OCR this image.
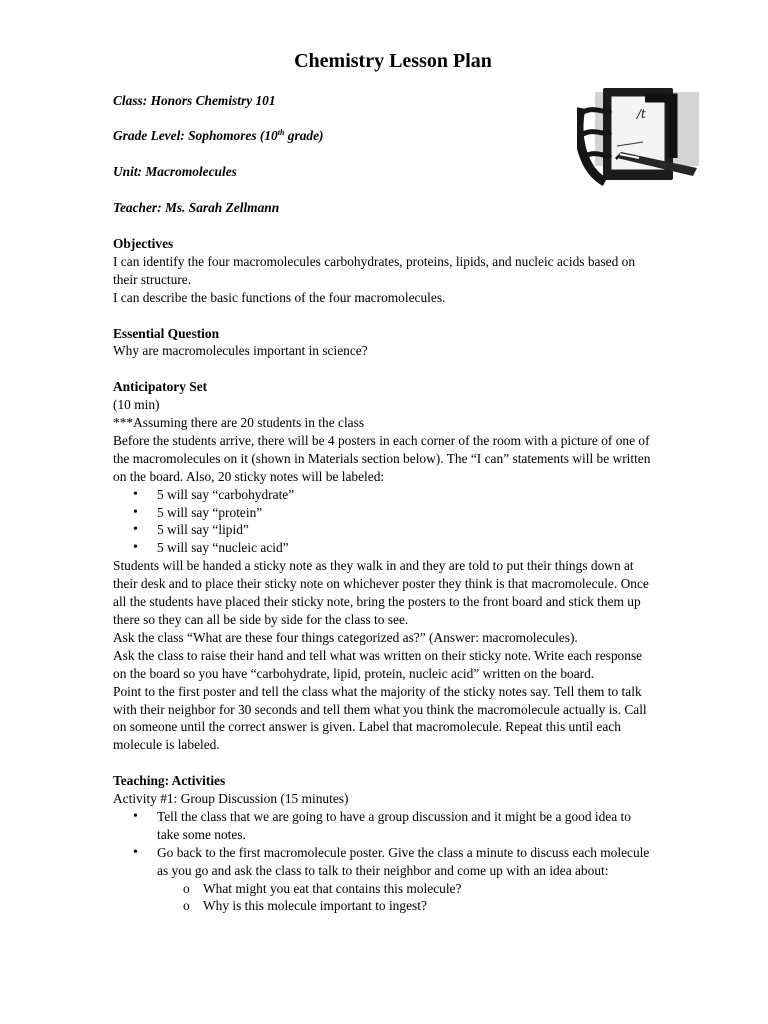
Chemistry Lesson Plan

Class: Honors Chemistry 101

Grade Level: Sophomores (10th grade)

Unit: Macromolecules

Teacher: Ms. Sarah Zellmann

/t
Objectives

I can identify the four macromolecules carbohydrates, proteins, lipids, and nucleic acids based on their structure.

I can describe the basic functions of the four macromolecules.

Essential Question

Why are macromolecules important in science?

Anticipatory Set

(10 min)

***Assuming there are 20 students in the class

Before the students arrive, there will be 4 posters in each corner of the room with a picture of one of the macromolecules on it (shown in Materials section below). The “I can” statements will be written on the board. Also, 20 sticky notes will be labeled:

• 5 will say “carbohydrate”
• 5 will say “protein”
• 5 will say “lipid”
• 5 will say “nucleic acid”

Students will be handed a sticky note as they walk in and they are told to put their things down at their desk and to place their sticky note on whichever poster they think is that macromolecule. Once all the students have placed their sticky note, bring the posters to the front board and stick them up there so they can all be side by side for the class to see.

Ask the class “What are these four things categorized as?” (Answer: macromolecules).

Ask the class to raise their hand and tell what was written on their sticky note. Write each response on the board so you have “carbohydrate, lipid, protein, nucleic acid” written on the board.

Point to the first poster and tell the class what the majority of the sticky notes say. Tell them to talk with their neighbor for 30 seconds and tell them what you think the macromolecule actually is. Call on someone until the correct answer is given. Label that macromolecule. Repeat this until each molecule is labeled.

Teaching: Activities

Activity #1: Group Discussion (15 minutes)

• Tell the class that we are going to have a group discussion and it might be a good idea to take some notes.
• Go back to the first macromolecule poster. Give the class a minute to discuss each molecule as you go and ask the class to talk to their neighbor and come up with an idea about:
o What might you eat that contains this molecule?
o Why is this molecule important to ingest?
